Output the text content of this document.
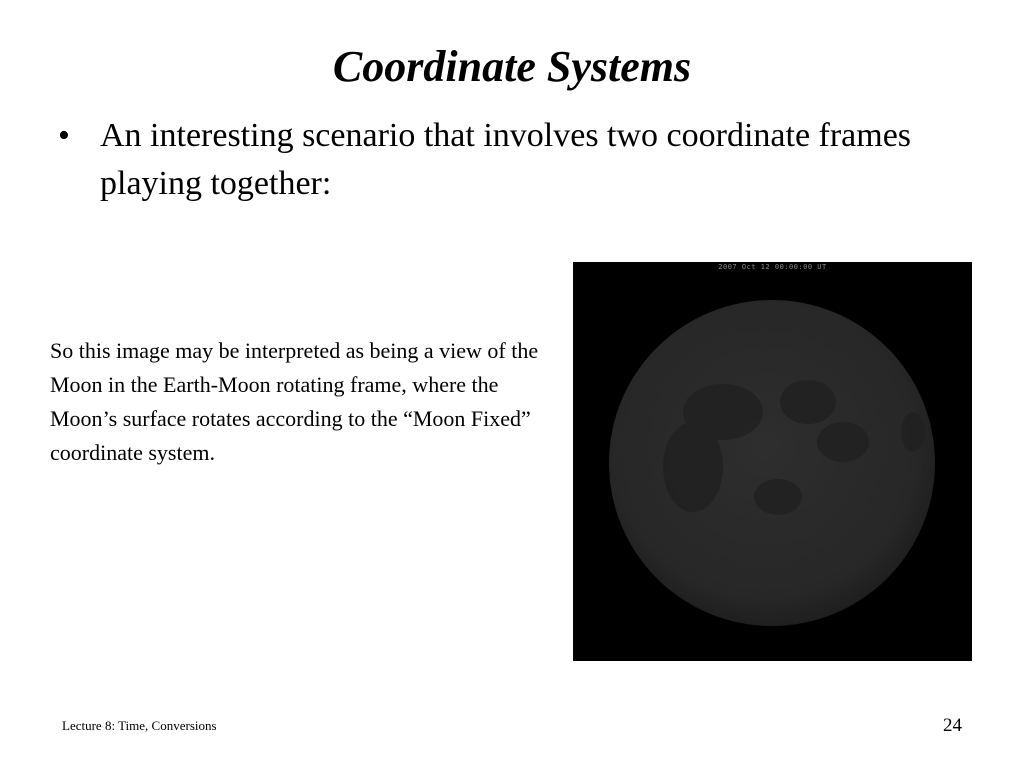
Coordinate Systems
• An interesting scenario that involves two coordinate frames playing together:
So this image may be interpreted as being a view of the Moon in the Earth-Moon rotating frame, where the Moon’s surface rotates according to the “Moon Fixed” coordinate system.
2007 Oct 12 00:00:00 UT
Lecture 8: Time, Conversions	24
